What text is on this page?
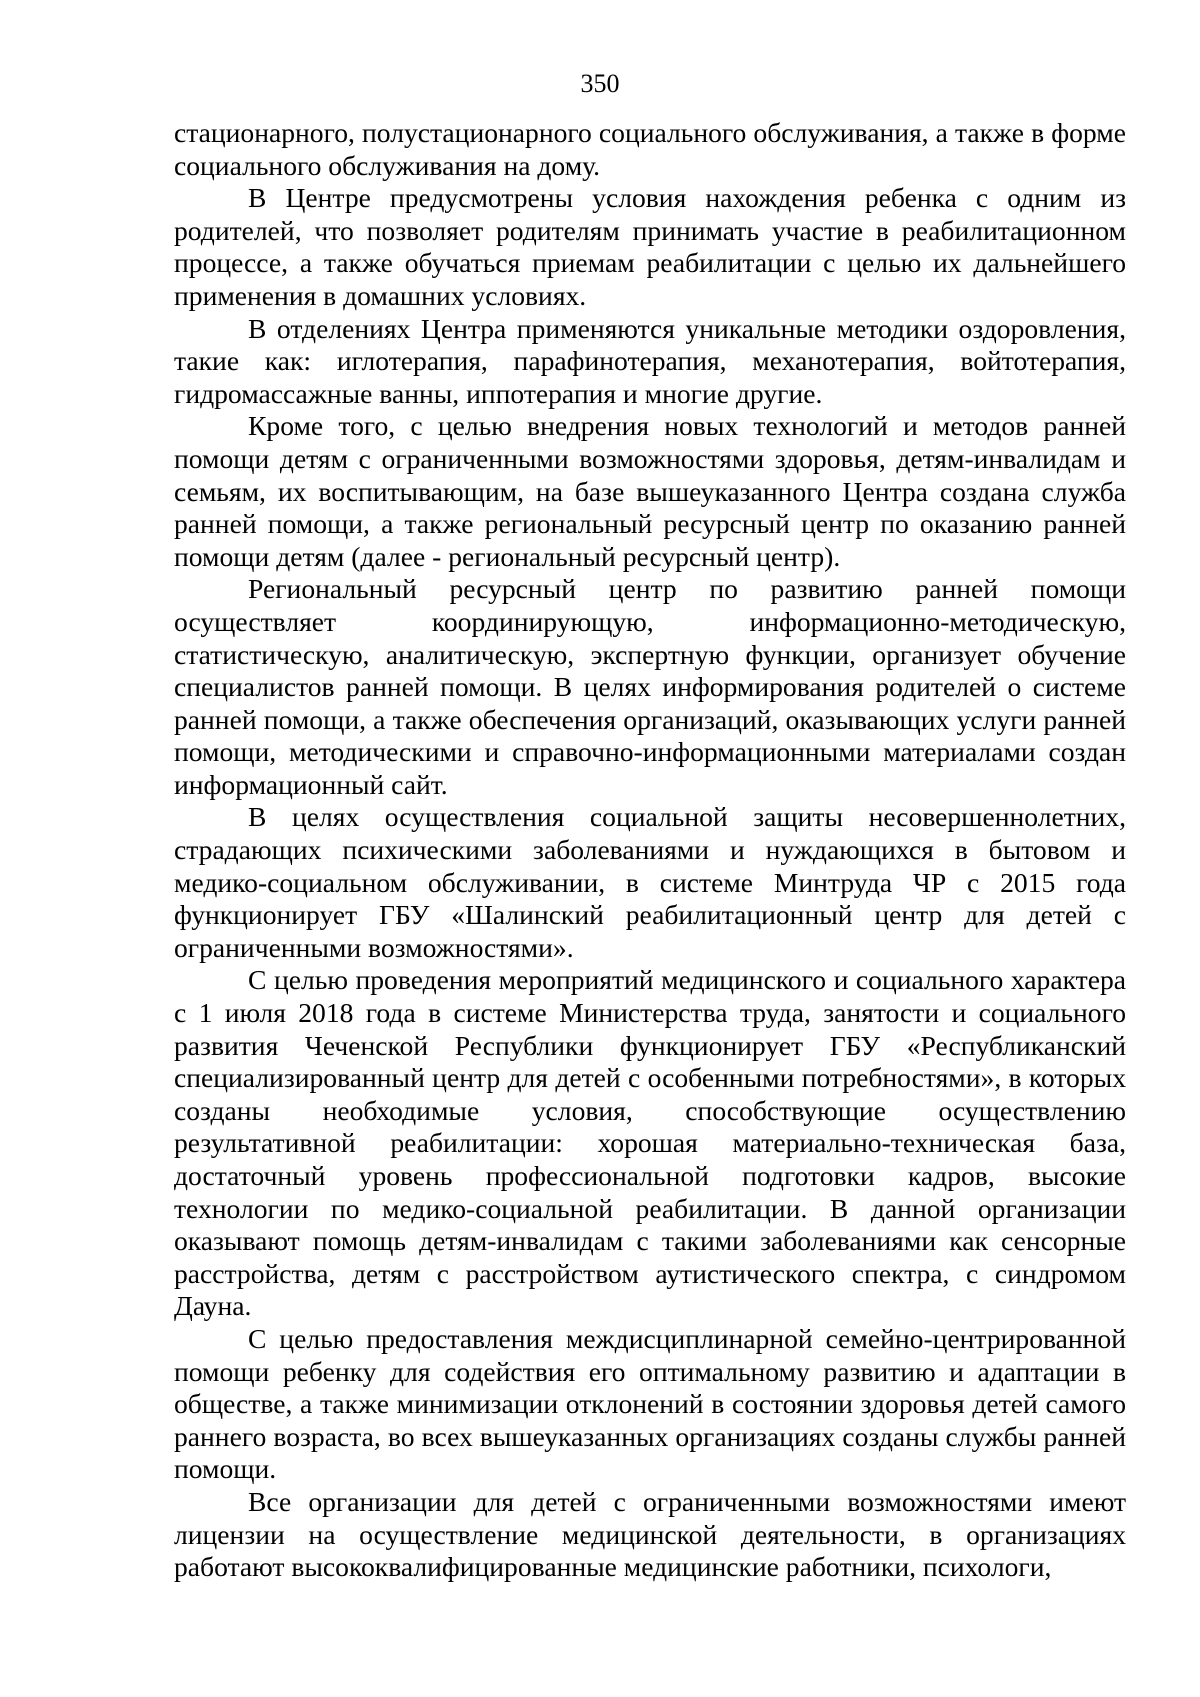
350

стационарного, полустационарного социального обслуживания, а также в форме социального обслуживания на дому.

В Центре предусмотрены условия нахождения ребенка с одним из родителей, что позволяет родителям принимать участие в реабилитационном процессе, а также обучаться приемам реабилитации с целью их дальнейшего применения в домашних условиях.

В отделениях Центра применяются уникальные методики оздоровления, такие как: иглотерапия, парафинотерапия, механотерапия, войтотерапия, гидромассажные ванны, иппотерапия и многие другие.

Кроме того, с целью внедрения новых технологий и методов ранней помощи детям с ограниченными возможностями здоровья, детям-инвалидам и семьям, их воспитывающим, на базе вышеуказанного Центра создана служба ранней помощи, а также региональный ресурсный центр по оказанию ранней помощи детям (далее - региональный ресурсный центр).

Региональный ресурсный центр по развитию ранней помощи осуществляет координирующую, информационно-методическую, статистическую, аналитическую, экспертную функции, организует обучение специалистов ранней помощи. В целях информирования родителей о системе ранней помощи, а также обеспечения организаций, оказывающих услуги ранней помощи, методическими и справочно-информационными материалами создан информационный сайт.

В целях осуществления социальной защиты несовершеннолетних, страдающих психическими заболеваниями и нуждающихся в бытовом и медико-социальном обслуживании, в системе Минтруда ЧР с 2015 года функционирует ГБУ «Шалинский реабилитационный центр для детей с ограниченными возможностями».

С целью проведения мероприятий медицинского и социального характера с 1 июля 2018 года в системе Министерства труда, занятости и социального развития Чеченской Республики функционирует ГБУ «Республиканский специализированный центр для детей с особенными потребностями», в которых созданы необходимые условия, способствующие осуществлению результативной реабилитации: хорошая материально-техническая база, достаточный уровень профессиональной подготовки кадров, высокие технологии по медико-социальной реабилитации. В данной организации оказывают помощь детям-инвалидам с такими заболеваниями как сенсорные расстройства, детям с расстройством аутистического спектра, с синдромом Дауна.

С целью предоставления междисциплинарной семейно-центрированной помощи ребенку для содействия его оптимальному развитию и адаптации в обществе, а также минимизации отклонений в состоянии здоровья детей самого раннего возраста, во всех вышеуказанных организациях созданы службы ранней помощи.

Все организации для детей с ограниченными возможностями имеют лицензии на осуществление медицинской деятельности, в организациях работают высококвалифицированные медицинские работники, психологи,
